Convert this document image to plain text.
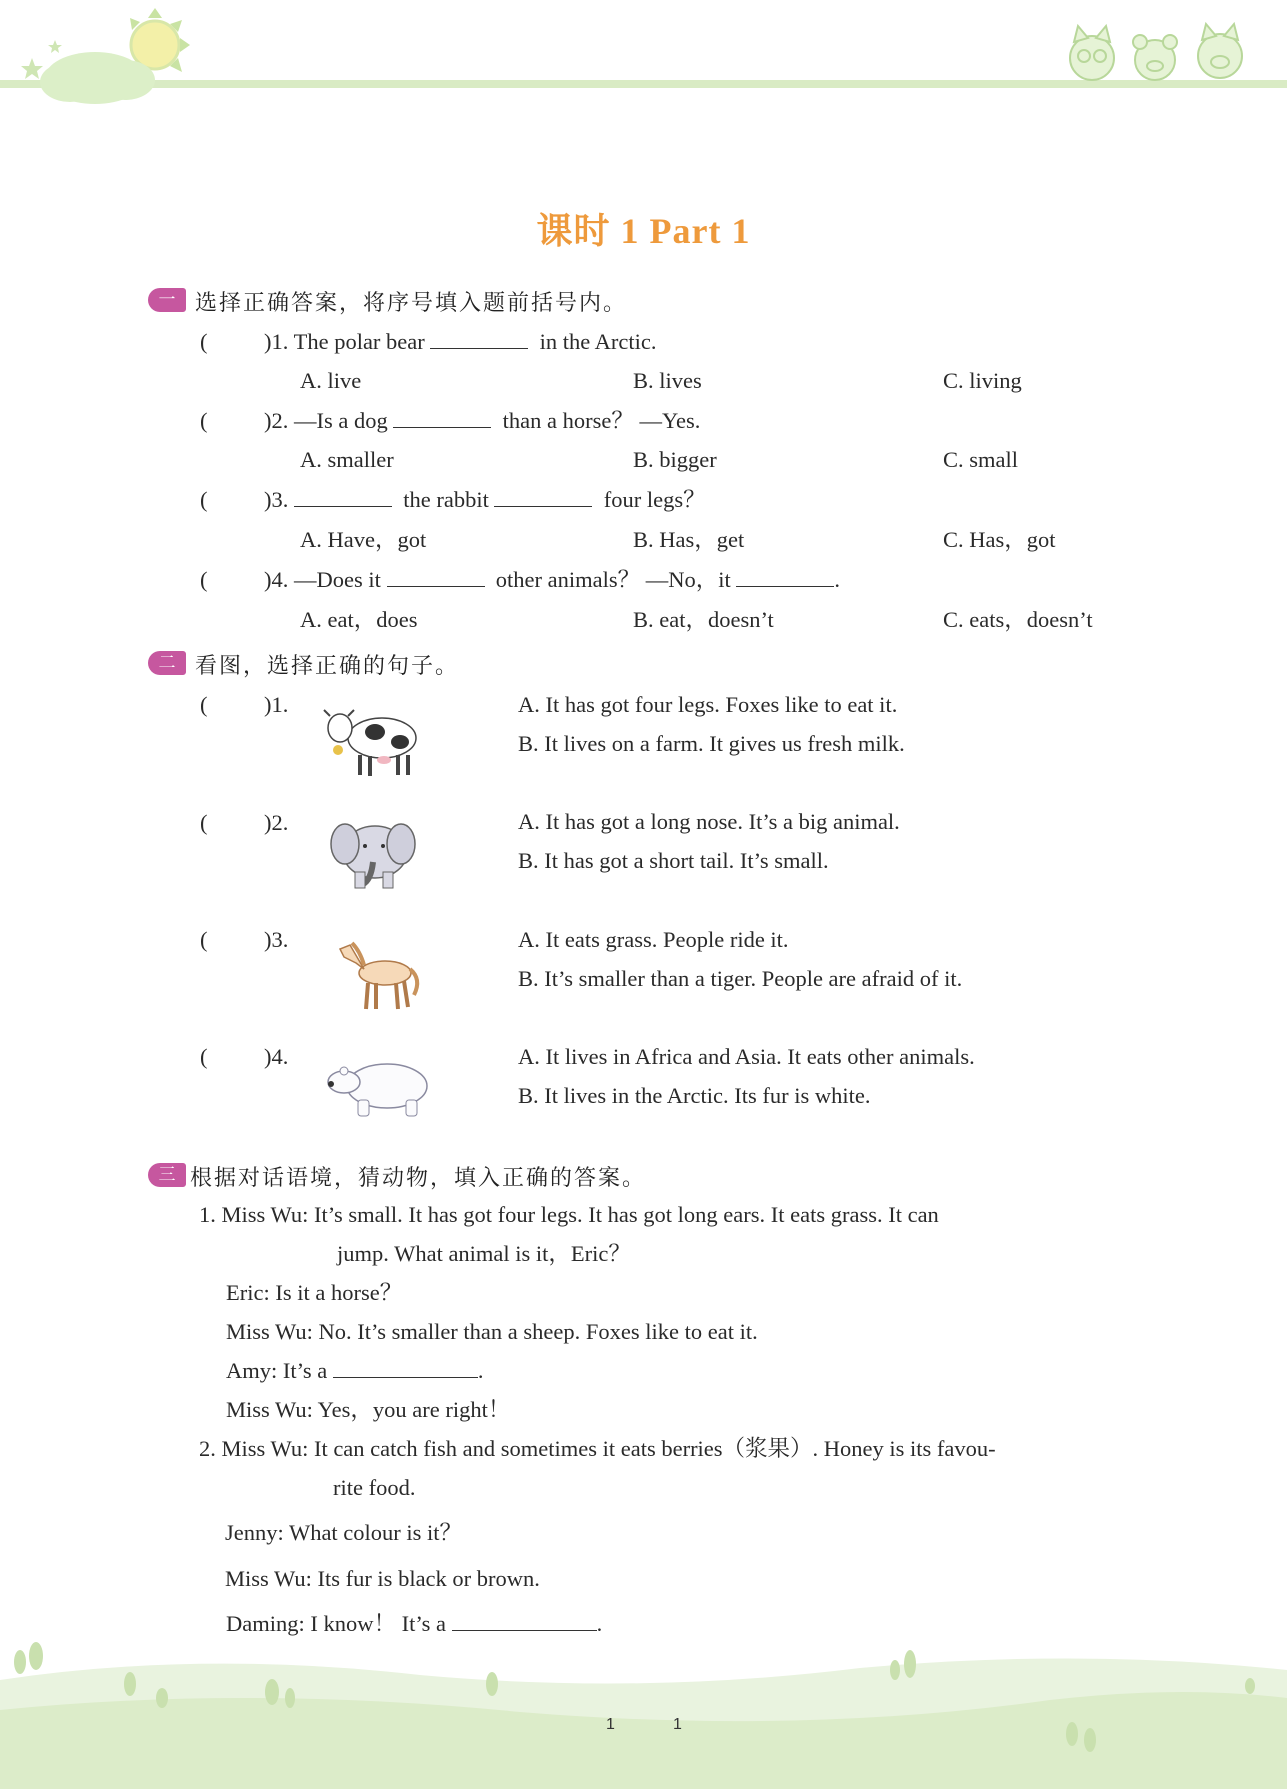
课时 1 Part 1
一 选择正确答案，将序号填入题前括号内。
(	)1. The polar bear	in the Arctic.
A. live	B. lives	C. living
(	)2. —Is a dog	than a horse？ —Yes.
A. smaller	B. bigger	C. small
(	)3.	the rabbit	four legs？
A. Have，got	B. Has，get	C. Has，got
(	)4. —Does it	other animals？ —No，it	.
A. eat，does	B. eat，doesn’t	C. eats，doesn’t
二 看图，选择正确的句子。
(	)1.	A. It has got four legs. Foxes like to eat it.
B. It lives on a farm. It gives us fresh milk.
(	)2.	A. It has got a long nose. It’s a big animal.
B. It has got a short tail. It’s small.
(	)3.	A. It eats grass. People ride it.
B. It’s smaller than a tiger. People are afraid of it.
(	)4.	A. It lives in Africa and Asia. It eats other animals.
B. It lives in the Arctic. Its fur is white.
三 根据对话语境，猜动物，填入正确的答案。
1. Miss Wu: It’s small. It has got four legs. It has got long ears. It eats grass. It can
jump. What animal is it，Eric？
Eric: Is it a horse？
Miss Wu: No. It’s smaller than a sheep. Foxes like to eat it.
Amy: It’s a	.
Miss Wu: Yes，you are right！
2. Miss Wu: It can catch fish and sometimes it eats berries（浆果）. Honey is its favou-
rite food.
Jenny: What colour is it？
Miss Wu: Its fur is black or brown.
Daming: I know！ It’s a	.
1	1
